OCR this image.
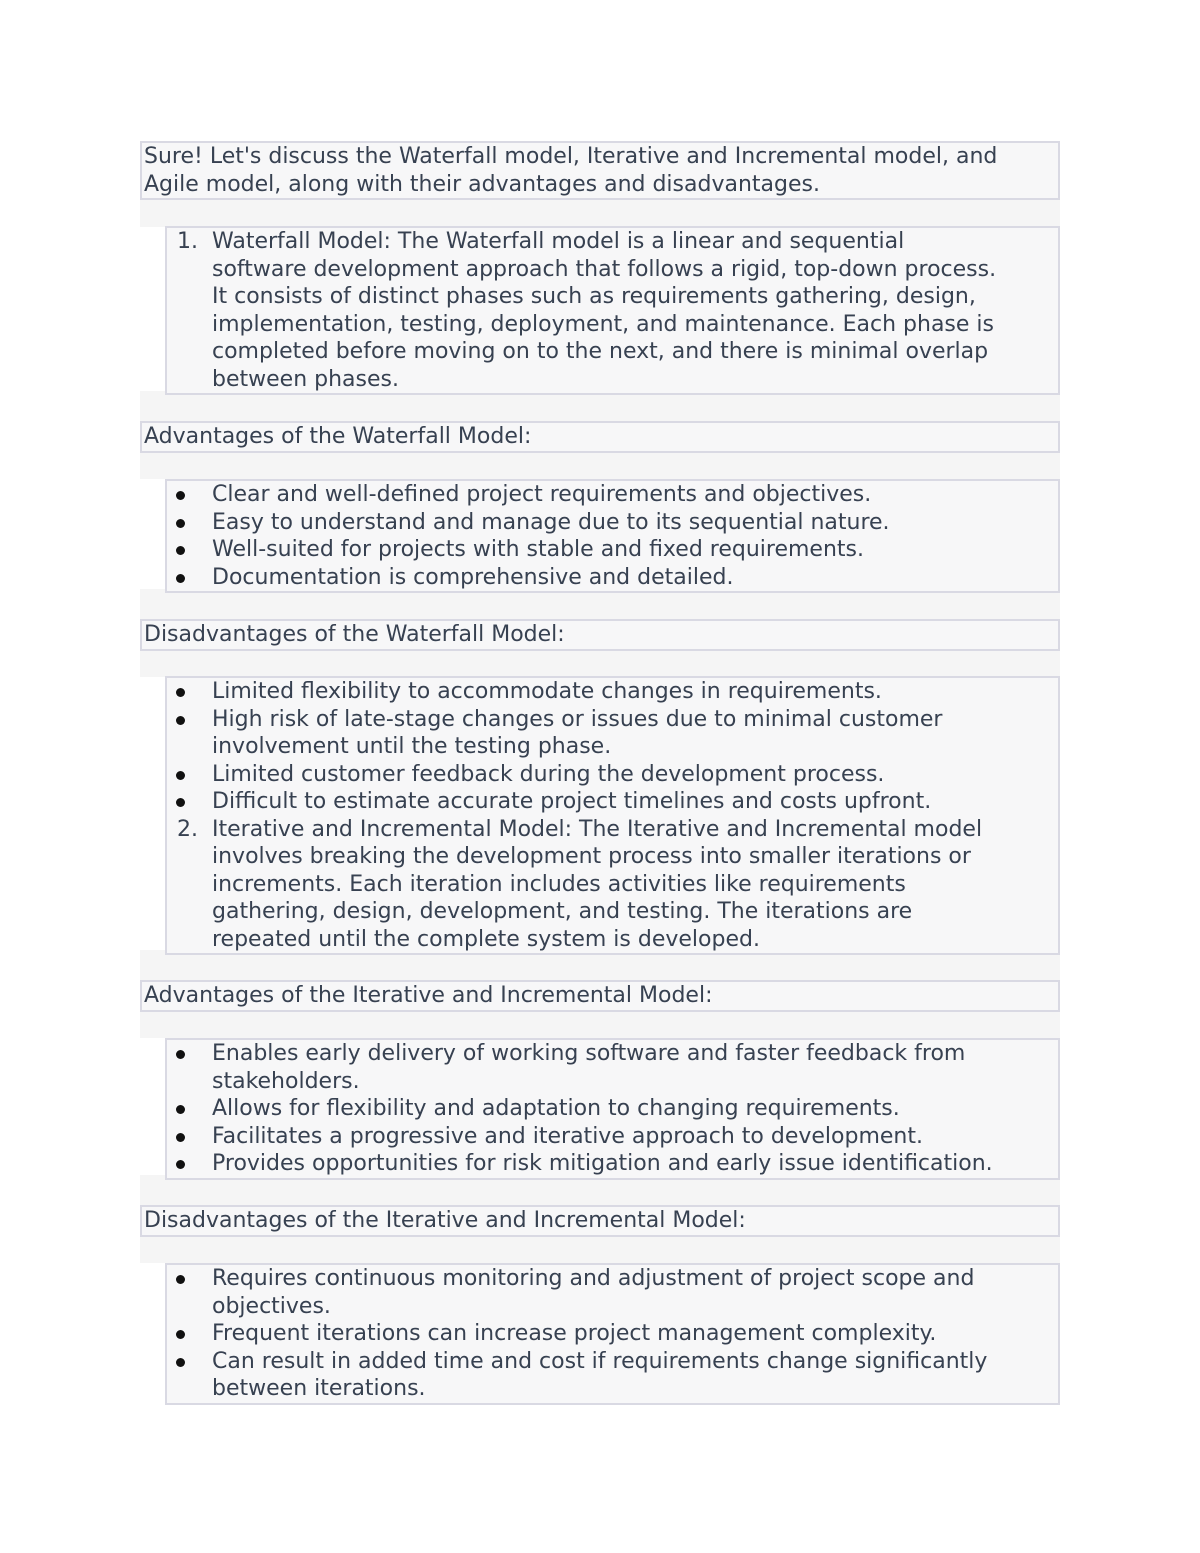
Sure! Let's discuss the Waterfall model, Iterative and Incremental model, and
Agile model, along with their advantages and disadvantages.
1. Waterfall Model: The Waterfall model is a linear and sequential
software development approach that follows a rigid, top-down process.
It consists of distinct phases such as requirements gathering, design,
implementation, testing, deployment, and maintenance. Each phase is
completed before moving on to the next, and there is minimal overlap
between phases.
Advantages of the Waterfall Model:
Clear and well-defined project requirements and objectives.
Easy to understand and manage due to its sequential nature.
Well-suited for projects with stable and fixed requirements.
Documentation is comprehensive and detailed.
Disadvantages of the Waterfall Model:
Limited flexibility to accommodate changes in requirements.
High risk of late-stage changes or issues due to minimal customer
involvement until the testing phase.
Limited customer feedback during the development process.
Difficult to estimate accurate project timelines and costs upfront.
2. Iterative and Incremental Model: The Iterative and Incremental model
involves breaking the development process into smaller iterations or
increments. Each iteration includes activities like requirements
gathering, design, development, and testing. The iterations are
repeated until the complete system is developed.
Advantages of the Iterative and Incremental Model:
Enables early delivery of working software and faster feedback from
stakeholders.
Allows for flexibility and adaptation to changing requirements.
Facilitates a progressive and iterative approach to development.
Provides opportunities for risk mitigation and early issue identification.
Disadvantages of the Iterative and Incremental Model:
Requires continuous monitoring and adjustment of project scope and
objectives.
Frequent iterations can increase project management complexity.
Can result in added time and cost if requirements change significantly
between iterations.
